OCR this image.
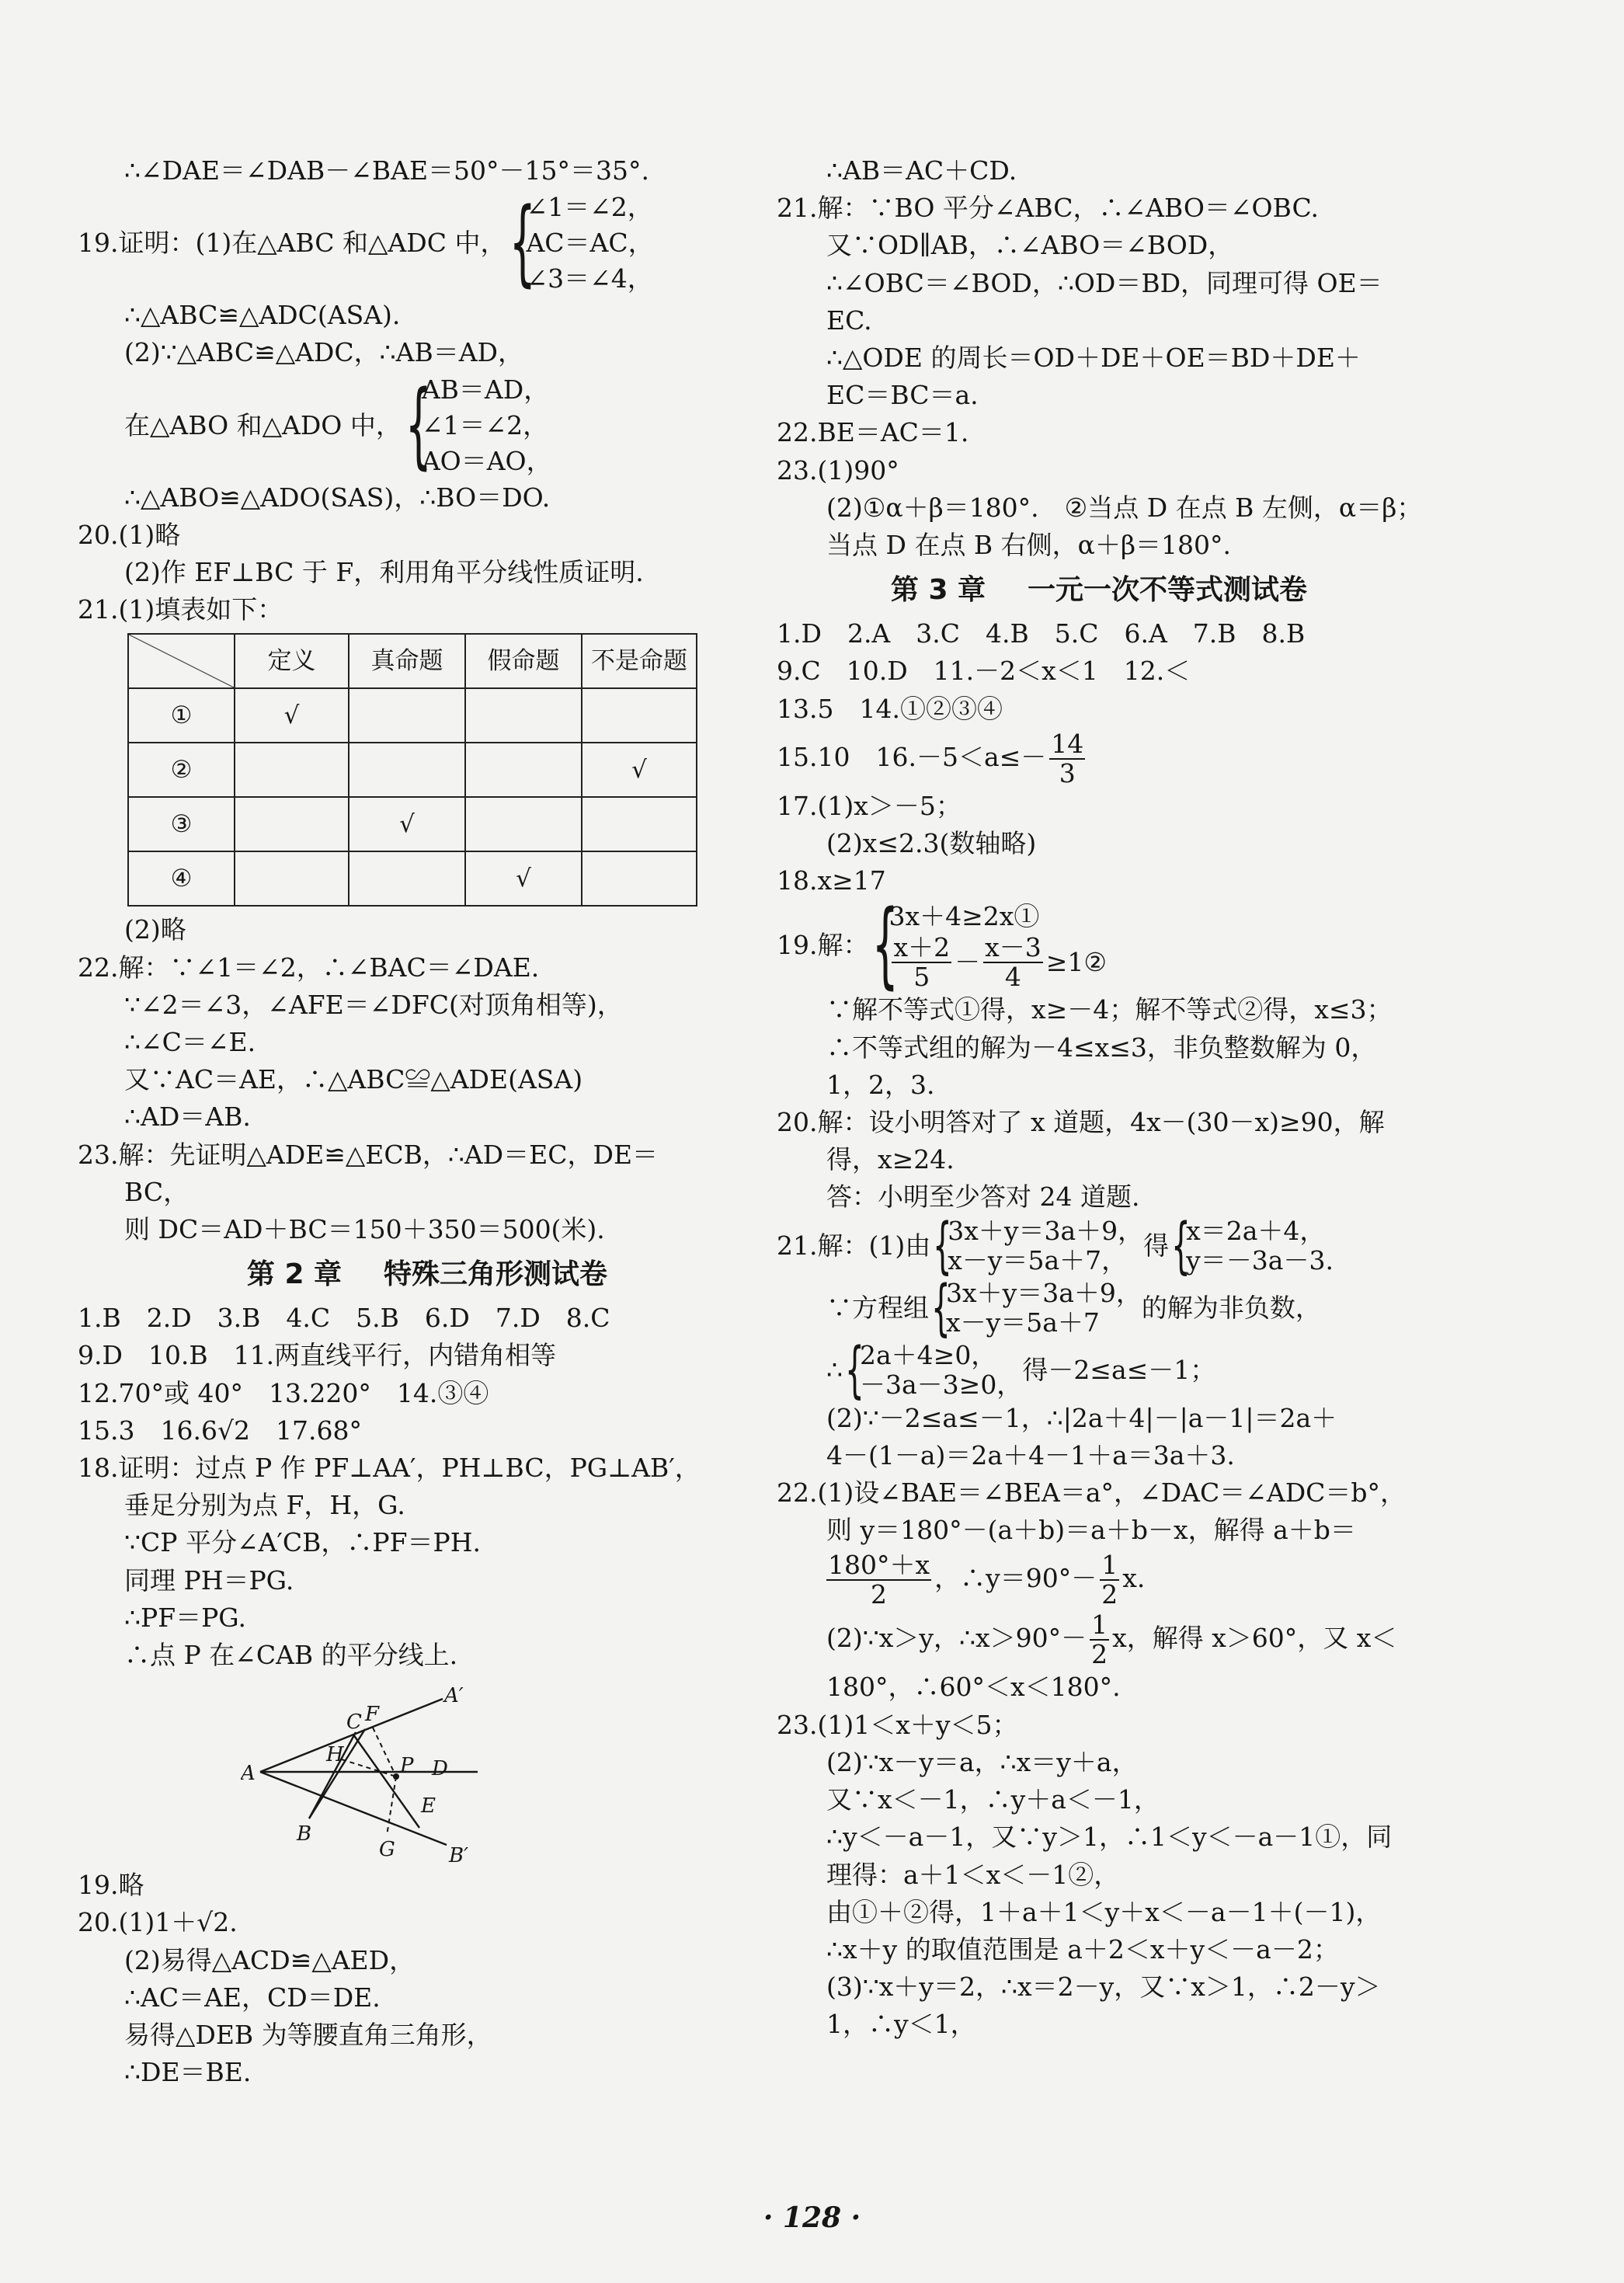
∴∠DAE＝∠DAB－∠BAE＝50°－15°＝35°.
19.证明：(1)在△ABC 和△ADC 中， {
∠1＝∠2，
AC＝AC，
∠3＝∠4，
∴△ABC≌△ADC(ASA).
(2)∵△ABC≌△ADC，∴AB＝AD，
在△ABO 和△ADO 中， {
AB＝AD，
∠1＝∠2，
AO＝AO，
∴△ABO≌△ADO(SAS)，∴BO＝DO.
20.(1)略
(2)作 EF⊥BC 于 F，利用角平分线性质证明.
21.(1)填表如下：
	定义	真命题	假命题	不是命题
①	√			
②				√
③		√		
④			√	
(2)略
22.解：∵∠1＝∠2，∴∠BAC＝∠DAE.
∵∠2＝∠3，∠AFE＝∠DFC(对顶角相等)，
∴∠C＝∠E.
又∵AC＝AE，∴△ABC≌△ADE(ASA)
∴AD＝AB.
23.解：先证明△ADE≌△ECB，∴AD＝EC，DE＝
BC，
则 DC＝AD＋BC＝150＋350＝500(米).
第 2 章 特殊三角形测试卷
1.B　2.D　3.B　4.C　5.B　6.D　7.D　8.C
9.D　10.B　11.两直线平行，内错角相等
12.70°或 40°　13.220°　14.③④
15.3　16.6√2　17.68°
18.证明：过点 P 作 PF⊥AA′，PH⊥BC，PG⊥AB′，
垂足分别为点 F，H，G.
∵CP 平分∠A′CB，∴PF＝PH.
同理 PH＝PG.
∴PF＝PG.
∴点 P 在∠CAB 的平分线上.
A
A′
C F
H	P D
E
B
G	B′
19.略
20.(1)1＋√2.
(2)易得△ACD≌△AED，
∴AC＝AE，CD＝DE.
易得△DEB 为等腰直角三角形，
∴DE＝BE.
∴AB＝AC＋CD.
21.解：∵BO 平分∠ABC，∴∠ABO＝∠OBC.
又∵OD∥AB，∴∠ABO＝∠BOD，
∴∠OBC＝∠BOD，∴OD＝BD，同理可得 OE＝
EC.
∴△ODE 的周长＝OD＋DE＋OE＝BD＋DE＋
EC＝BC＝a.
22.BE＝AC＝1.
23.(1)90°
(2)①α＋β＝180°.　②当点 D 在点 B 左侧，α＝β；
当点 D 在点 B 右侧，α＋β＝180°.
第 3 章 一元一次不等式测试卷
1.D　2.A　3.C　4.B　5.C　6.A　7.B　8.B
9.C　10.D　11.－2＜x＜1　12.＜
13.5　14.①②③④
15.10　$16.-5<a\le- \frac{14}{3}$
17.(1)x＞－5；
(2)x≤2.3(数轴略)
18.x≥17
19.解： {
3x＋4≥2x①
$\frac{x+2}{5} - \frac{x-3}{4}$ ≥1②
∵解不等式①得，x≥－4；解不等式②得，x≤3；
∴不等式组的解为－4≤x≤3，非负整数解为 0，
1，2，3.
20.解：设小明答对了 x 道题，4x－(30－x)≥90，解
得，x≥24.
答：小明至少答对 24 道题.
21.解：(1)由 {
3x＋y＝3a＋9，
x－y＝5a＋7， 得 {
x＝2a＋4，
y＝－3a－3.
∵方程组 {
3x＋y＝3a＋9，
x－y＝5a＋7	的解为非负数，
∴ {
2a＋4≥0，
－3a－3≥0， 得－2≤a≤－1；
(2)∵－2≤a≤－1，∴|2a＋4|－|a－1|＝2a＋
4－(1－a)＝2a＋4－1＋a＝3a＋3.
22.(1)设∠BAE＝∠BEA＝a°，∠DAC＝∠ADC＝b°，
则 y＝180°－(a＋b)＝a＋b－x，解得 a＋b＝
$\frac{180^\circ+x}{2}$ ，∴y＝90°－ $\frac{1}{2} x$.
(2)∵x＞y，∴x＞90°－ $\frac{1}{2}$ x，解得 x＞60°，又 x＜
180°，∴60°＜x＜180°.
23.(1)1＜x＋y＜5；
(2)∵x－y＝a，∴x＝y＋a，
又∵x＜－1，∴y＋a＜－1，
∴y＜－a－1，又∵y＞1，∴1＜y＜－a－1①，同
理得：a＋1＜x＜－1②，
由①＋②得，1＋a＋1＜y＋x＜－a－1＋(－1)，
∴x＋y 的取值范围是 a＋2＜x＋y＜－a－2；
(3)∵x＋y＝2，∴x＝2－y，又∵x＞1，∴2－y＞
1，∴y＜1，
· 128 ·
